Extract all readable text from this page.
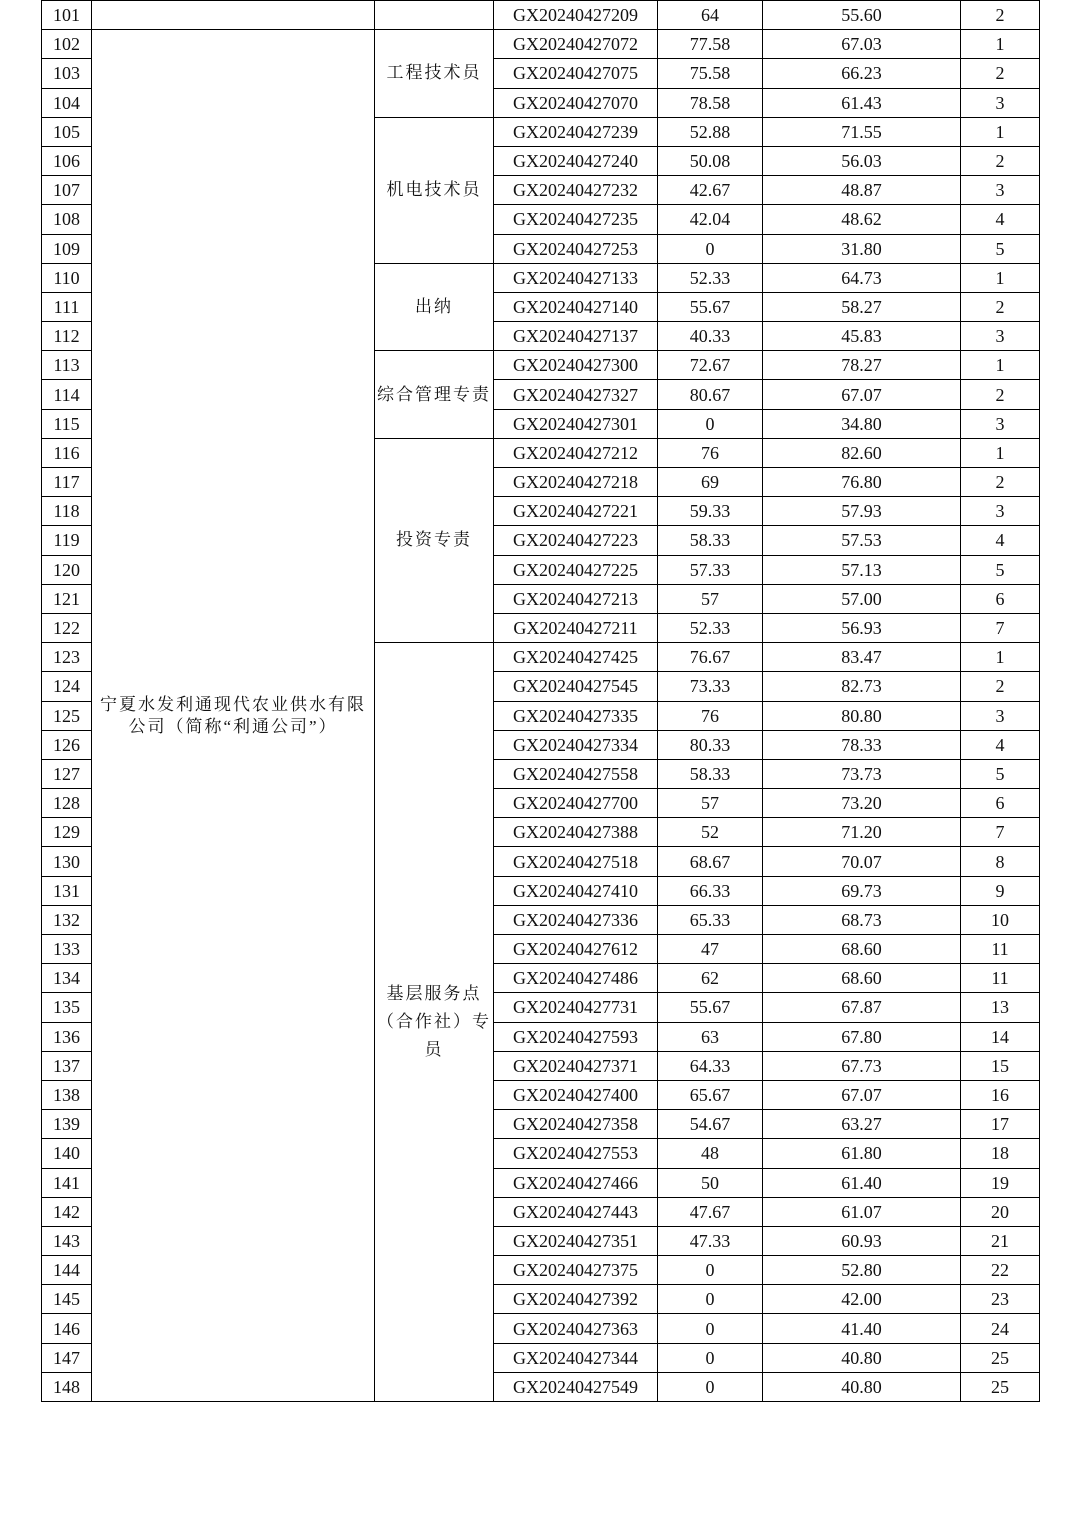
101			GX20240427209	64	55.60	2
102	宁夏水发利通现代农业供水有限公司（简称“利通公司”）	工程技术员	GX20240427072	77.58	67.03	1
103			GX20240427075	75.58	66.23	2
104			GX20240427070	78.58	61.43	3
105		机电技术员	GX20240427239	52.88	71.55	1
106			GX20240427240	50.08	56.03	2
107			GX20240427232	42.67	48.87	3
108			GX20240427235	42.04	48.62	4
109			GX20240427253	0	31.80	5
110		出纳	GX20240427133	52.33	64.73	1
111			GX20240427140	55.67	58.27	2
112			GX20240427137	40.33	45.83	3
113		综合管理专责	GX20240427300	72.67	78.27	1
114			GX20240427327	80.67	67.07	2
115			GX20240427301	0	34.80	3
116		投资专责	GX20240427212	76	82.60	1
117			GX20240427218	69	76.80	2
118			GX20240427221	59.33	57.93	3
119			GX20240427223	58.33	57.53	4
120			GX20240427225	57.33	57.13	5
121			GX20240427213	57	57.00	6
122			GX20240427211	52.33	56.93	7
123		基层服务点（合作社）专员	GX20240427425	76.67	83.47	1
124			GX20240427545	73.33	82.73	2
125			GX20240427335	76	80.80	3
126			GX20240427334	80.33	78.33	4
127			GX20240427558	58.33	73.73	5
128			GX20240427700	57	73.20	6
129			GX20240427388	52	71.20	7
130			GX20240427518	68.67	70.07	8
131			GX20240427410	66.33	69.73	9
132			GX20240427336	65.33	68.73	10
133			GX20240427612	47	68.60	11
134			GX20240427486	62	68.60	11
135			GX20240427731	55.67	67.87	13
136			GX20240427593	63	67.80	14
137			GX20240427371	64.33	67.73	15
138			GX20240427400	65.67	67.07	16
139			GX20240427358	54.67	63.27	17
140			GX20240427553	48	61.80	18
141			GX20240427466	50	61.40	19
142			GX20240427443	47.67	61.07	20
143			GX20240427351	47.33	60.93	21
144			GX20240427375	0	52.80	22
145			GX20240427392	0	42.00	23
146			GX20240427363	0	41.40	24
147			GX20240427344	0	40.80	25
148			GX20240427549	0	40.80	25
